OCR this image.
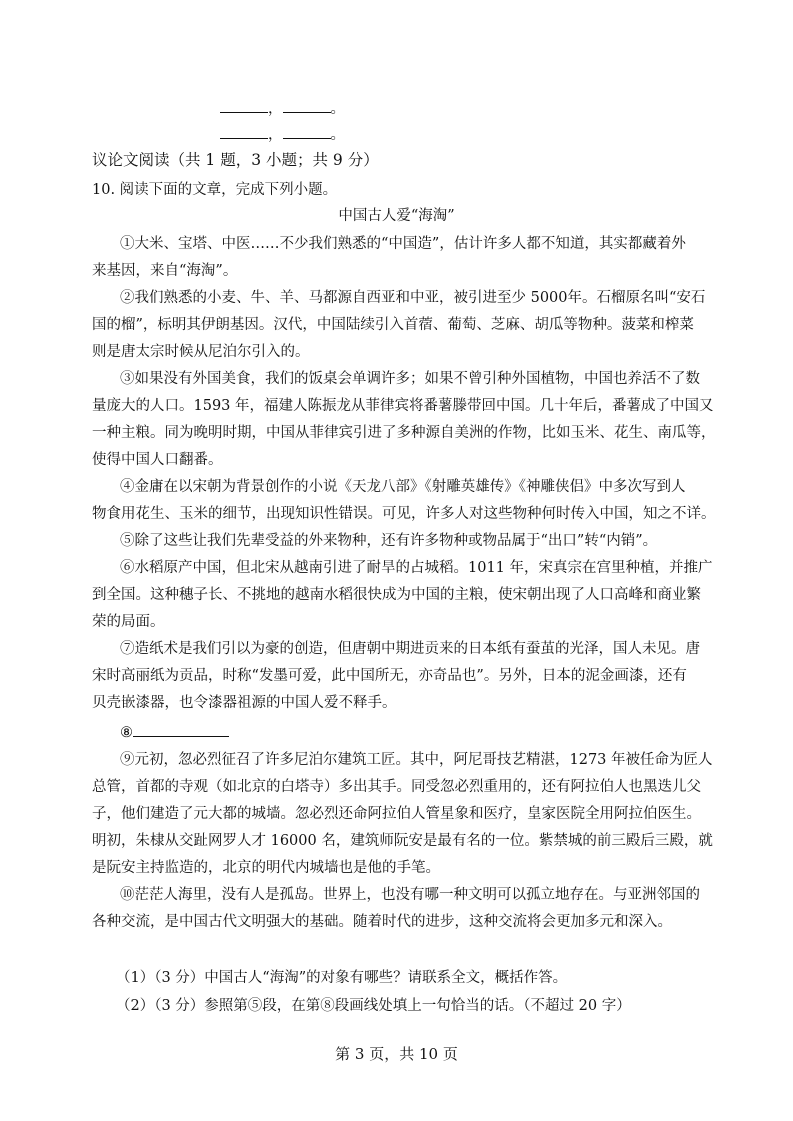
，	。
，	。
议论文阅读（共 1 题，3 小题；共 9 分）
10. 阅读下面的文章，完成下列小题。
中国古人爱“海淘”
①大米、宝塔、中医……不少我们熟悉的“中国造”，估计许多人都不知道，其实都藏着外
来基因，来自“海淘”。
②我们熟悉的小麦、牛、羊、马都源自西亚和中亚，被引进至少 5000年。石榴原名叫“安石
国的榴”，标明其伊朗基因。汉代，中国陆续引入首蓿、葡萄、芝麻、胡瓜等物种。菠菜和榨菜
则是唐太宗时候从尼泊尔引入的。
③如果没有外国美食，我们的饭桌会单调许多；如果不曾引种外国植物，中国也养活不了数
量庞大的人口。1593 年，福建人陈振龙从菲律宾将番薯滕带回中国。几十年后，番薯成了中国又
一种主粮。同为晚明时期，中国从菲律宾引进了多种源自美洲的作物，比如玉米、花生、南瓜等，
使得中国人口翻番。
④金庸在以宋朝为背景创作的小说《天龙八部》《射雕英雄传》《神雕侠侣》中多次写到人
物食用花生、玉米的细节，出现知识性错误。可见，许多人对这些物种何时传入中国，知之不详。
⑤除了这些让我们先辈受益的外来物种，还有许多物种或物品属于“出口”转“内销”。
⑥水稻原产中国，但北宋从越南引进了耐旱的占城稻。1011 年，宋真宗在宫里种植，并推广
到全国。这种穗子长、不挑地的越南水稻很快成为中国的主粮，使宋朝出现了人口高峰和商业繁
荣的局面。
⑦造纸术是我们引以为豪的创造，但唐朝中期进贡来的日本纸有蚕茧的光泽，国人未见。唐
宋时高丽纸为贡品，时称“发墨可爱，此中国所无，亦奇品也”。另外，日本的泥金画漆，还有
贝壳嵌漆器，也令漆器祖源的中国人爱不释手。
⑧
⑨元初，忽必烈征召了许多尼泊尔建筑工匠。其中，阿尼哥技艺精湛，1273 年被任命为匠人
总管，首都的寺观（如北京的白塔寺）多出其手。同受忽必烈重用的，还有阿拉伯人也黑迭儿父
子，他们建造了元大都的城墙。忽必烈还命阿拉伯人管星象和医疗，皇家医院全用阿拉伯医生。
明初，朱棣从交趾网罗人才 16000 名，建筑师阮安是最有名的一位。紫禁城的前三殿后三殿，就
是阮安主持监造的，北京的明代内城墙也是他的手笔。
⑩茫茫人海里，没有人是孤岛。世界上，也没有哪一种文明可以孤立地存在。与亚洲邻国的
各种交流，是中国古代文明强大的基础。随着时代的进步，这种交流将会更加多元和深入。
（1）（3 分）中国古人“海淘”的对象有哪些？请联系全文，概括作答。
（2）（3 分）参照第⑤段，在第⑧段画线处填上一句恰当的话。（不超过 20 字）
第 3 页，共 10 页
